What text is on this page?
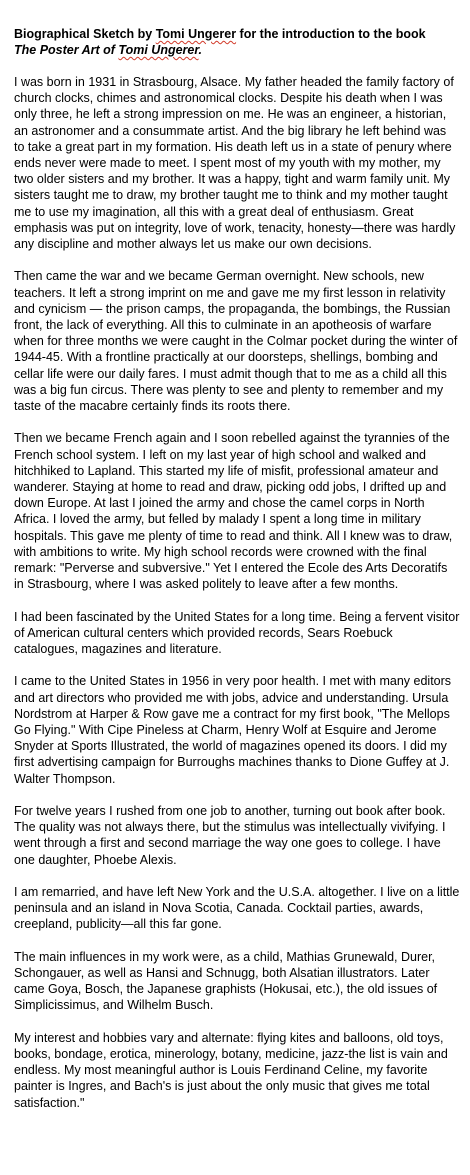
Biographical Sketch by Tomi Ungerer for the introduction to the book
The Poster Art of Tomi Ungerer.

I was born in 1931 in Strasbourg, Alsace. My father headed the family factory of church clocks, chimes and astronomical clocks. Despite his death when I was only three, he left a strong impression on me. He was an engineer, a historian, an astronomer and a consummate artist. And the big library he left behind was to take a great part in my formation. His death left us in a state of penury where ends never were made to meet. I spent most of my youth with my mother, my two older sisters and my brother. It was a happy, tight and warm family unit. My sisters taught me to draw, my brother taught me to think and my mother taught me to use my imagination, all this with a great deal of enthusiasm. Great emphasis was put on integrity, love of work, tenacity, honesty—there was hardly any discipline and mother always let us make our own decisions.

Then came the war and we became German overnight. New schools, new teachers. It left a strong imprint on me and gave me my first lesson in relativity and cynicism — the prison camps, the propaganda, the bombings, the Russian front, the lack of everything. All this to culminate in an apotheosis of warfare when for three months we were caught in the Colmar pocket during the winter of 1944-45. With a frontline practically at our doorsteps, shellings, bombing and cellar life were our daily fares. I must admit though that to me as a child all this was a big fun circus. There was plenty to see and plenty to remember and my taste of the macabre certainly finds its roots there.

Then we became French again and I soon rebelled against the tyrannies of the French school system. I left on my last year of high school and walked and hitchhiked to Lapland. This started my life of misfit, professional amateur and wanderer. Staying at home to read and draw, picking odd jobs, I drifted up and down Europe. At last I joined the army and chose the camel corps in North Africa. I loved the army, but felled by malady I spent a long time in military hospitals. This gave me plenty of time to read and think. All I knew was to draw, with ambitions to write. My high school records were crowned with the final remark: "Perverse and subversive." Yet I entered the Ecole des Arts Decoratifs in Strasbourg, where I was asked politely to leave after a few months.

I had been fascinated by the United States for a long time. Being a fervent visitor of American cultural centers which provided records, Sears Roebuck catalogues, magazines and literature.

I came to the United States in 1956 in very poor health. I met with many editors and art directors who provided me with jobs, advice and understanding. Ursula Nordstrom at Harper & Row gave me a contract for my first book, "The Mellops Go Flying." With Cipe Pineless at Charm, Henry Wolf at Esquire and Jerome Snyder at Sports Illustrated, the world of magazines opened its doors. I did my first advertising campaign for Burroughs machines thanks to Dione Guffey at J. Walter Thompson.

For twelve years I rushed from one job to another, turning out book after book. The quality was not always there, but the stimulus was intellectually vivifying. I went through a first and second marriage the way one goes to college. I have one daughter, Phoebe Alexis.

I am remarried, and have left New York and the U.S.A. altogether. I live on a little peninsula and an island in Nova Scotia, Canada. Cocktail parties, awards, creepland, publicity—all this far gone.

The main influences in my work were, as a child, Mathias Grunewald, Durer, Schongauer, as well as Hansi and Schnugg, both Alsatian illustrators. Later came Goya, Bosch, the Japanese graphists (Hokusai, etc.), the old issues of Simplicissimus, and Wilhelm Busch.

My interest and hobbies vary and alternate: flying kites and balloons, old toys, books, bondage, erotica, minerology, botany, medicine, jazz-the list is vain and endless. My most meaningful author is Louis Ferdinand Celine, my favorite painter is Ingres, and Bach's is just about the only music that gives me total satisfaction."
